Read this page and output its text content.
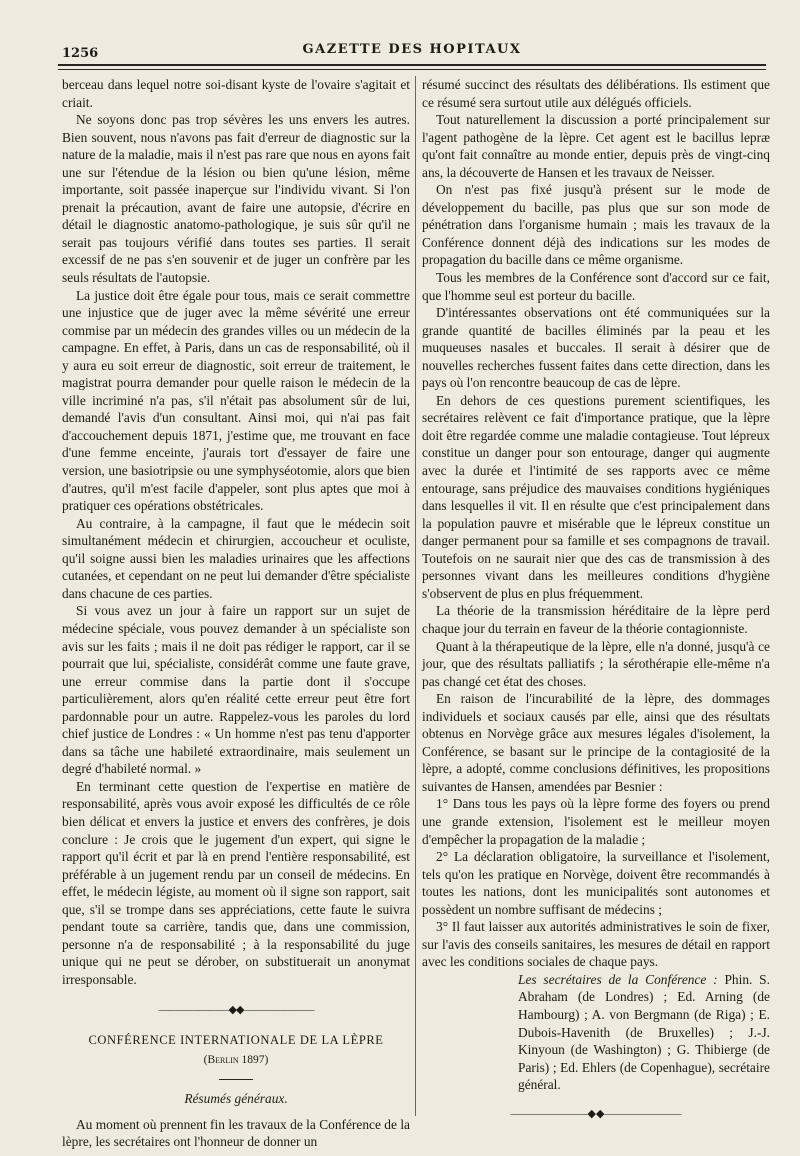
1256	GAZETTE DES HOPITAUX

berceau dans lequel notre soi-disant kyste de l'ovaire s'agitait et criait.

Ne soyons donc pas trop sévères les uns envers les autres. Bien souvent, nous n'avons pas fait d'erreur de diagnostic sur la nature de la maladie, mais il n'est pas rare que nous en ayons fait une sur l'étendue de la lésion ou bien qu'une lésion, même importante, soit passée inaperçue sur l'individu vivant. Si l'on prenait la précaution, avant de faire une autopsie, d'écrire en détail le diagnostic anatomo-pathologique, je suis sûr qu'il ne serait pas toujours vérifié dans toutes ses parties. Il serait excessif de ne pas s'en souvenir et de juger un confrère par les seuls résultats de l'autopsie.

La justice doit être égale pour tous, mais ce serait commettre une injustice que de juger avec la même sévérité une erreur commise par un médecin des grandes villes ou un médecin de la campagne. En effet, à Paris, dans un cas de responsabilité, où il y aura eu soit erreur de diagnostic, soit erreur de traitement, le magistrat pourra demander pour quelle raison le médecin de la ville incriminé n'a pas, s'il n'était pas absolument sûr de lui, demandé l'avis d'un consultant. Ainsi moi, qui n'ai pas fait d'accouchement depuis 1871, j'estime que, me trouvant en face d'une femme enceinte, j'aurais tort d'essayer de faire une version, une basiotripsie ou une symphyséotomie, alors que bien d'autres, qu'il m'est facile d'appeler, sont plus aptes que moi à pratiquer ces opérations obstétricales.

Au contraire, à la campagne, il faut que le médecin soit simultanément médecin et chirurgien, accoucheur et oculiste, qu'il soigne aussi bien les maladies urinaires que les affections cutanées, et cependant on ne peut lui demander d'être spécialiste dans chacune de ces parties.

Si vous avez un jour à faire un rapport sur un sujet de médecine spéciale, vous pouvez demander à un spécialiste son avis sur les faits ; mais il ne doit pas rédiger le rapport, car il se pourrait que lui, spécialiste, considérât comme une faute grave, une erreur commise dans la partie dont il s'occupe particulièrement, alors qu'en réalité cette erreur peut être fort pardonnable pour un autre. Rappelez-vous les paroles du lord chief justice de Londres : « Un homme n'est pas tenu d'apporter dans sa tâche une habileté extraordinaire, mais seulement un degré d'habileté normal. »

En terminant cette question de l'expertise en matière de responsabilité, après vous avoir exposé les difficultés de ce rôle bien délicat et envers la justice et envers des confrères, je dois conclure : Je crois que le jugement d'un expert, qui signe le rapport qu'il écrit et par là en prend l'entière responsabilité, est préférable à un jugement rendu par un conseil de médecins. En effet, le médecin légiste, au moment où il signe son rapport, sait que, s'il se trompe dans ses appréciations, cette faute le suivra pendant toute sa carrière, tandis que, dans une commission, personne n'a de responsabilité ; à la responsabilité du juge unique qui ne peut se dérober, on substituerait un anonymat irresponsable.

———————◆◆———————
CONFÉRENCE INTERNATIONALE DE LA LÈPRE
(Berlin 1897)
Résumés généraux.

Au moment où prennent fin les travaux de la Conférence de la lèpre, les secrétaires ont l'honneur de donner un

résumé succinct des résultats des délibérations. Ils estiment que ce résumé sera surtout utile aux délégués officiels.

Tout naturellement la discussion a porté principalement sur l'agent pathogène de la lèpre. Cet agent est le bacillus lepræ qu'ont fait connaître au monde entier, depuis près de vingt-cinq ans, la découverte de Hansen et les travaux de Neisser.

On n'est pas fixé jusqu'à présent sur le mode de développement du bacille, pas plus que sur son mode de pénétration dans l'organisme humain ; mais les travaux de la Conférence donnent déjà des indications sur les modes de propagation du bacille dans ce même organisme.

Tous les membres de la Conférence sont d'accord sur ce fait, que l'homme seul est porteur du bacille.

D'intéressantes observations ont été communiquées sur la grande quantité de bacilles éliminés par la peau et les muqueuses nasales et buccales. Il serait à désirer que de nouvelles recherches fussent faites dans cette direction, dans les pays où l'on rencontre beaucoup de cas de lèpre.

En dehors de ces questions purement scientifiques, les secrétaires relèvent ce fait d'importance pratique, que la lèpre doit être regardée comme une maladie contagieuse. Tout lépreux constitue un danger pour son entourage, danger qui augmente avec la durée et l'intimité de ses rapports avec ce même entourage, sans préjudice des mauvaises conditions hygiéniques dans lesquelles il vit. Il en résulte que c'est principalement dans la population pauvre et misérable que le lépreux constitue un danger permanent pour sa famille et ses compagnons de travail. Toutefois on ne saurait nier que des cas de transmission à des personnes vivant dans les meilleures conditions d'hygiène s'observent de plus en plus fréquemment.

La théorie de la transmission héréditaire de la lèpre perd chaque jour du terrain en faveur de la théorie contagionniste.

Quant à la thérapeutique de la lèpre, elle n'a donné, jusqu'à ce jour, que des résultats palliatifs ; la sérothérapie elle-même n'a pas changé cet état des choses.

En raison de l'incurabilité de la lèpre, des dommages individuels et sociaux causés par elle, ainsi que des résultats obtenus en Norvège grâce aux mesures légales d'isolement, la Conférence, se basant sur le principe de la contagiosité de la lèpre, a adopté, comme conclusions définitives, les propositions suivantes de Hansen, amendées par Besnier :

1° Dans tous les pays où la lèpre forme des foyers ou prend une grande extension, l'isolement est le meilleur moyen d'empêcher la propagation de la maladie ;

2° La déclaration obligatoire, la surveillance et l'isolement, tels qu'on les pratique en Norvège, doivent être recommandés à toutes les nations, dont les municipalités sont autonomes et possèdent un nombre suffisant de médecins ;

3° Il faut laisser aux autorités administratives le soin de fixer, sur l'avis des conseils sanitaires, les mesures de détail en rapport avec les conditions sociales de chaque pays.

Les secrétaires de la Conférence : Phin. S. Abraham (de Londres) ; Ed. Arning (de Hambourg) ; A. von Bergmann (de Riga) ; E. Dubois-Havenith (de Bruxelles) ; J.-J. Kinyoun (de Washington) ; G. Thibierge (de Paris) ; Ed. Ehlers (de Copenhague), secrétaire général.

———————◆◆———————
